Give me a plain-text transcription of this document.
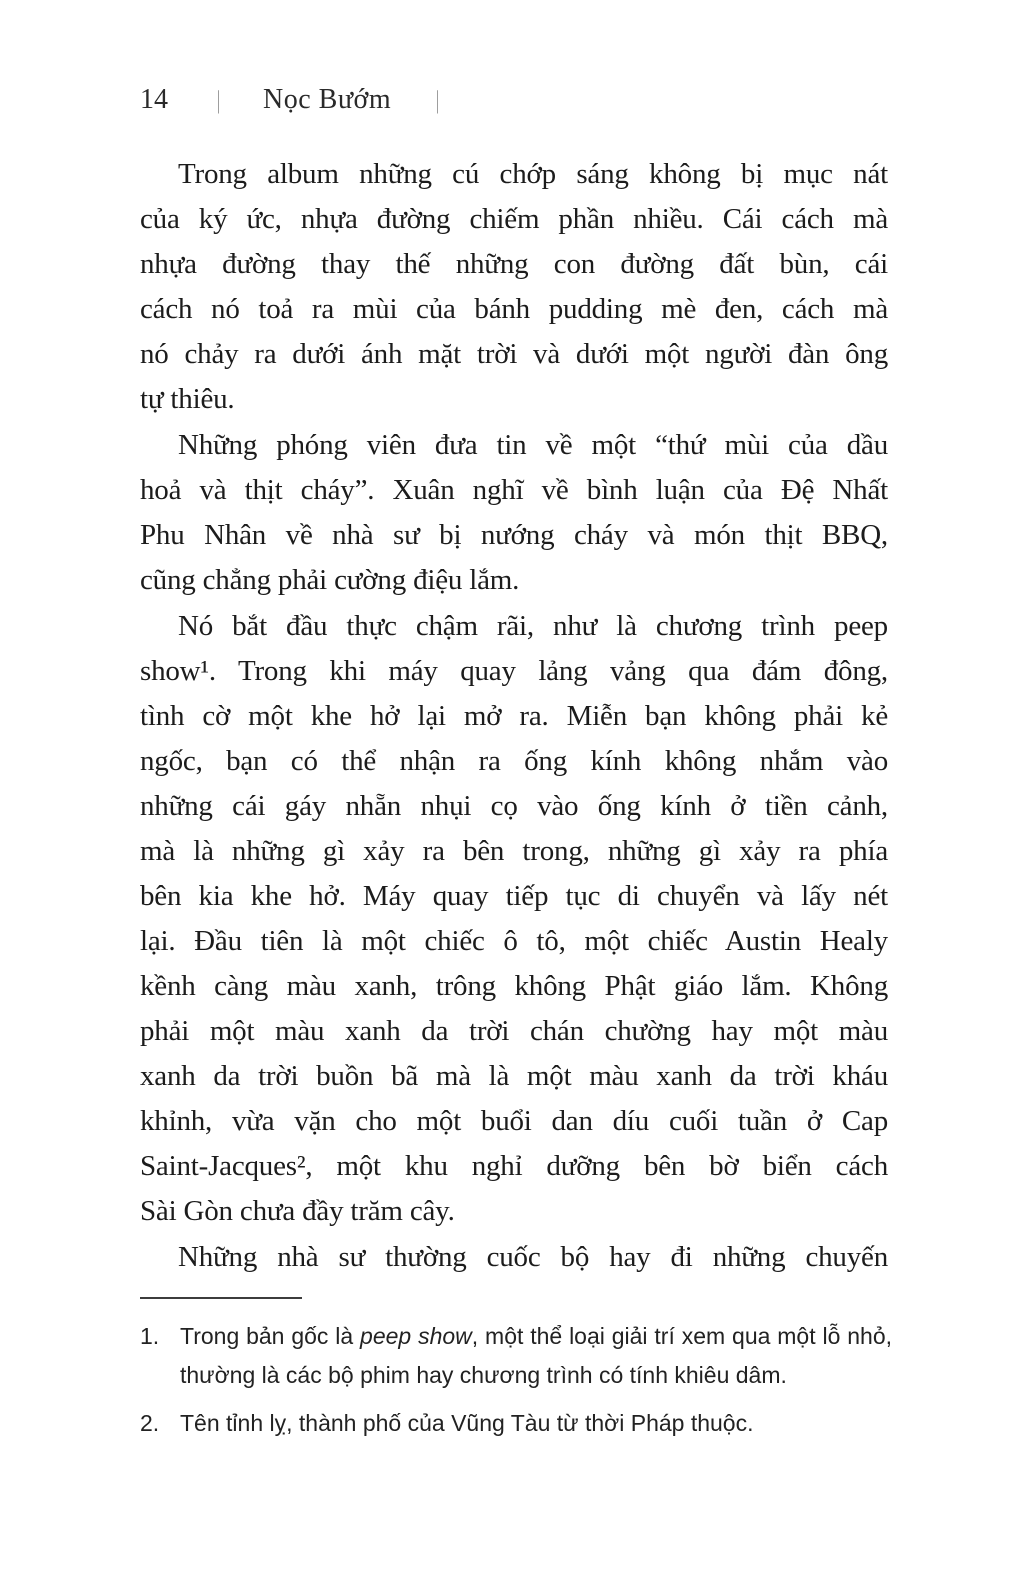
14 | Nọc Bướm |
Trong album những cú chớp sáng không bị mục nát
của ký ức, nhựa đường chiếm phần nhiều. Cái cách mà
nhựa đường thay thế những con đường đất bùn, cái
cách nó toả ra mùi của bánh pudding mè đen, cách mà
nó chảy ra dưới ánh mặt trời và dưới một người đàn ông
tự thiêu.
Những phóng viên đưa tin về một “thứ mùi của dầu
hoả và thịt cháy”. Xuân nghĩ về bình luận của Đệ Nhất
Phu Nhân về nhà sư bị nướng cháy và món thịt BBQ,
cũng chẳng phải cường điệu lắm.
Nó bắt đầu thực chậm rãi, như là chương trình peep
show¹. Trong khi máy quay lảng vảng qua đám đông,
tình cờ một khe hở lại mở ra. Miễn bạn không phải kẻ
ngốc, bạn có thể nhận ra ống kính không nhắm vào
những cái gáy nhẵn nhụi cọ vào ống kính ở tiền cảnh,
mà là những gì xảy ra bên trong, những gì xảy ra phía
bên kia khe hở. Máy quay tiếp tục di chuyển và lấy nét
lại. Đầu tiên là một chiếc ô tô, một chiếc Austin Healy
kềnh càng màu xanh, trông không Phật giáo lắm. Không
phải một màu xanh da trời chán chường hay một màu
xanh da trời buồn bã mà là một màu xanh da trời kháu
khỉnh, vừa vặn cho một buổi dan díu cuối tuần ở Cap
Saint-Jacques², một khu nghỉ dưỡng bên bờ biển cách
Sài Gòn chưa đầy trăm cây.
Những nhà sư thường cuốc bộ hay đi những chuyến
1. Trong bản gốc là peep show, một thể loại giải trí xem qua một lỗ nhỏ, thường là các bộ phim hay chương trình có tính khiêu dâm.
2. Tên tỉnh lỵ, thành phố của Vũng Tàu từ thời Pháp thuộc.
